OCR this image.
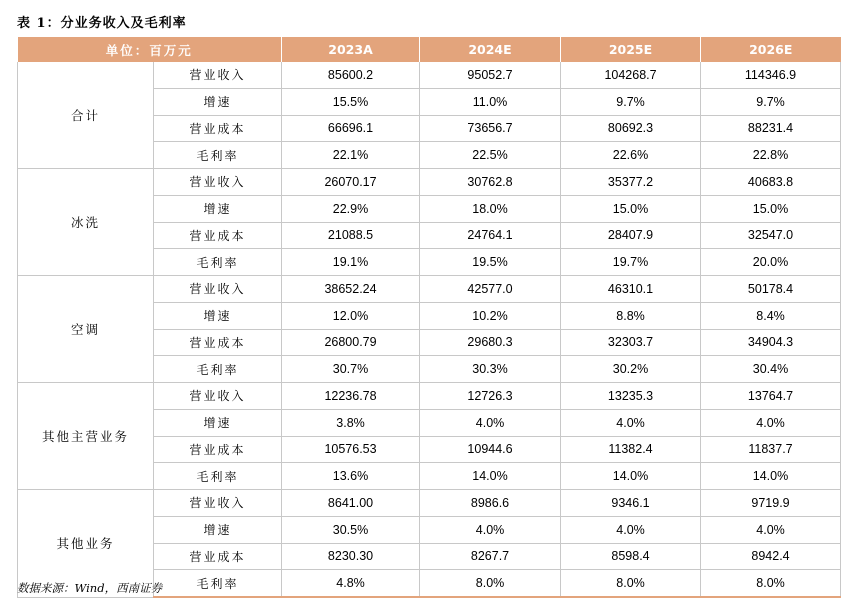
表 1：分业务收入及毛利率
单位：百万元		2023A	2024E	2025E	2026E
合计	营业收入	85600.2	95052.7	104268.7	114346.9
	增速	15.5%	11.0%	9.7%	9.7%
	营业成本	66696.1	73656.7	80692.3	88231.4
	毛利率	22.1%	22.5%	22.6%	22.8%
冰洗	营业收入	26070.17	30762.8	35377.2	40683.8
	增速	22.9%	18.0%	15.0%	15.0%
	营业成本	21088.5	24764.1	28407.9	32547.0
	毛利率	19.1%	19.5%	19.7%	20.0%
空调	营业收入	38652.24	42577.0	46310.1	50178.4
	增速	12.0%	10.2%	8.8%	8.4%
	营业成本	26800.79	29680.3	32303.7	34904.3
	毛利率	30.7%	30.3%	30.2%	30.4%
其他主营业务	营业收入	12236.78	12726.3	13235.3	13764.7
	增速	3.8%	4.0%	4.0%	4.0%
	营业成本	10576.53	10944.6	11382.4	11837.7
	毛利率	13.6%	14.0%	14.0%	14.0%
其他业务	营业收入	8641.00	8986.6	9346.1	9719.9
	增速	30.5%	4.0%	4.0%	4.0%
	营业成本	8230.30	8267.7	8598.4	8942.4
	毛利率	4.8%	8.0%	8.0%	8.0%
数据来源：Wind，西南证券
